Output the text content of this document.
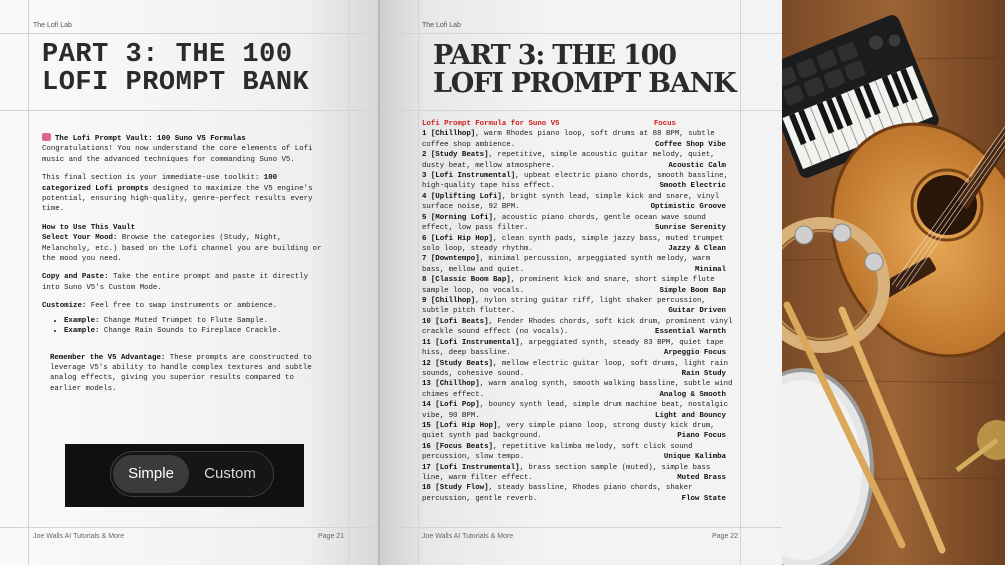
The Lofi Lab
PART 3: THE 100
LOFI PROMPT BANK

The Lofi Prompt Vault: 100 Suno V5 Formulas

Congratulations! You now understand the core elements of Lofi music and the advanced techniques for commanding Suno V5.

This final section is your immediate-use toolkit: 100 categorized Lofi prompts designed to maximize the V5 engine's potential, ensuring high-quality, genre-perfect results every time.

How to Use This Vault

Select Your Mood: Browse the categories (Study, Night, Melancholy, etc.) based on the Lofi channel you are building or the mood you need.

Copy and Paste: Take the entire prompt and paste it directly into Suno V5's Custom Mode.

Customize: Feel free to swap instruments or ambience.

• Example: Change Muted Trumpet to Flute Sample.
• Example: Change Rain Sounds to Fireplace Crackle.

Remember the V5 Advantage: These prompts are constructed to leverage V5's ability to handle complex textures and subtle analog effects, giving you superior results compared to earlier models.

Simple	Custom
Joe Walls AI Tutorials & More	Page 21
The Lofi Lab
PART 3: THE 100
LOFI PROMPT BANK
Lofi Prompt Formula for Suno V5	Focus

1 [Chillhop], warm Rhodes piano loop, soft drums at 88 BPM, subtle coffee shop ambience.	Coffee Shop Vibe

2 [Study Beats], repetitive, simple acoustic guitar melody, quiet, dusty beat, mellow atmosphere.	Acoustic Calm

3 [Lofi Instrumental], upbeat electric piano chords, smooth bassline, high-quality tape hiss effect.	Smooth Electric

4 [Uplifting Lofi], bright synth lead, simple kick and snare, vinyl surface noise, 92 BPM.	Optimistic Groove

5 [Morning Lofi], acoustic piano chords, gentle ocean wave sound effect, low pass filter.	Sunrise Serenity

6 [Lofi Hip Hop], clean synth pads, simple jazzy bass, muted trumpet solo loop, steady rhythm.	Jazzy & Clean

7 [Downtempo], minimal percussion, arpeggiated synth melody, warm bass, mellow and quiet.	Minimal

8 [Classic Boom Bap], prominent kick and snare, short simple flute sample loop, no vocals.	Simple Boom Bap

9 [Chillhop], nylon string guitar riff, light shaker percussion, subtle pitch flutter.	Guitar Driven

10 [Lofi Beats], Fender Rhodes chords, soft kick drum, prominent vinyl crackle sound effect (no vocals).	Essential Warmth

11 [Lofi Instrumental], arpeggiated synth, steady 83 BPM, quiet tape hiss, deep bassline.	Arpeggio Focus

12 [Study Beats], mellow electric guitar loop, soft drums, light rain sounds, cohesive sound.	Rain Study

13 [Chillhop], warm analog synth, smooth walking bassline, subtle wind chimes effect.	Analog & Smooth

14 [Lofi Pop], bouncy synth lead, simple drum machine beat, nostalgic vibe, 90 BPM.	Light and Bouncy

15 [Lofi Hip Hop], very simple piano loop, strong dusty kick drum, quiet synth pad background.	Piano Focus

16 [Focus Beats], repetitive kalimba melody, soft click sound percussion, slow tempo.	Unique Kalimba

17 [Lofi Instrumental], brass section sample (muted), simple bass line, warm filter effect.	Muted Brass

18 [Study Flow], steady bassline, Rhodes piano chords, shaker percussion, gentle reverb.	Flow State

Joe Walls AI Tutorials & More	Page 22
